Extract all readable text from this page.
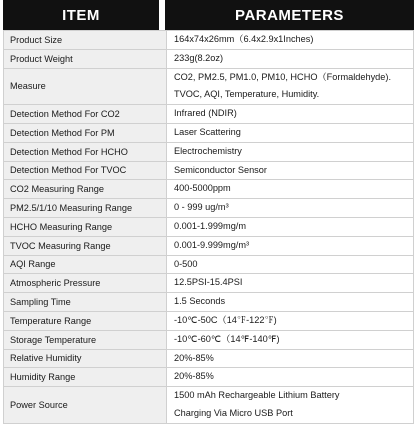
ITEM	PARAMETERS
Product Size	164x74x26mm（6.4x2.9x1Inches)

Product Weight	233g(8.2oz)

Measure	CO2, PM2.5, PM1.0, PM10, HCHO（Formaldehyde).
TVOC, AQI, Temperature, Humidity.

Detection Method For CO2	Infrared (NDIR)

Detection Method For PM	Laser Scattering

Detection Method For HCHO	Electrochemistry

Detection Method For TVOC	Semiconductor Sensor

CO2 Measuring Range	400-5000ppm

PM2.5/1/10 Measuring Range	0 - 999 ug/m³

HCHO Measuring Range	0.001-1.999mg/m

TVOC Measuring Range	0.001-9.999mg/m³

AQI Range	0-500

Atmospheric Pressure	12.5PSI-15.4PSI

Sampling Time	1.5 Seconds

Temperature Range	-10℃-50C（14℉-122℉)

Storage Temperature	-10℃-60℃（14℉-140℉)

Relative Humidity	20%-85%

Humidity Range	20%-85%

Power Source	1500 mAh Rechargeable Lithium Battery
Charging Via Micro USB Port
